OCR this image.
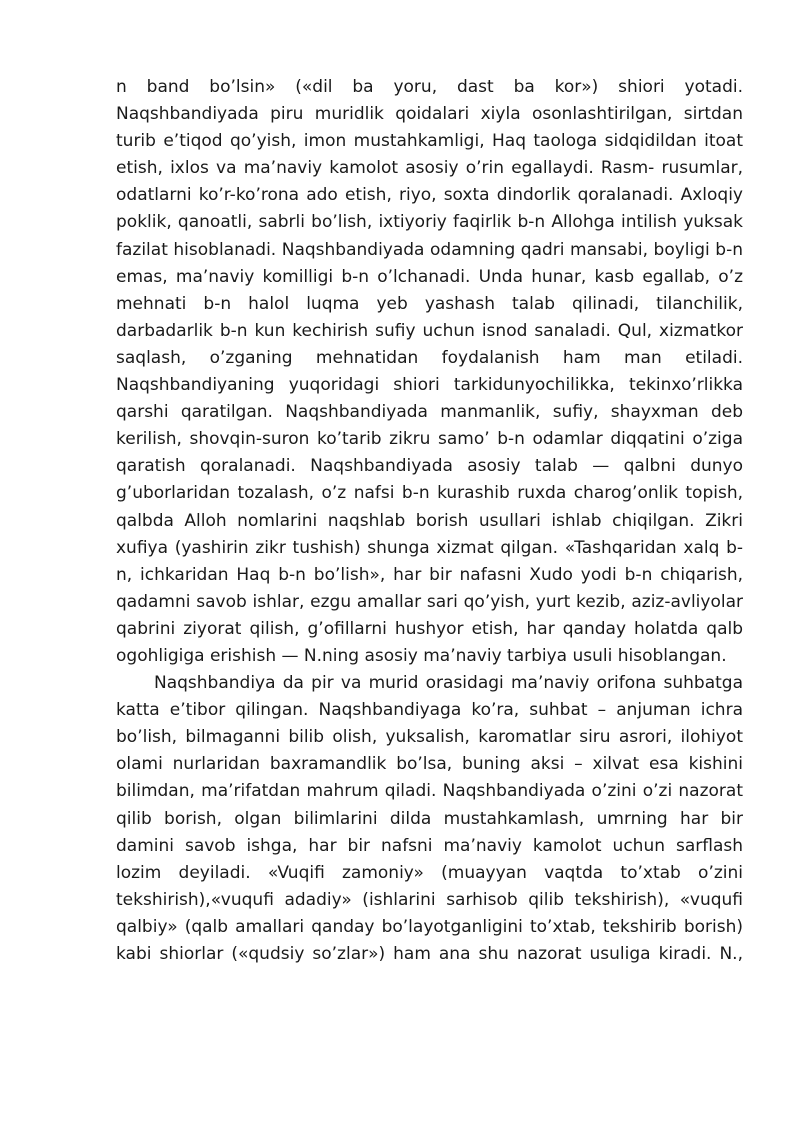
n band bo’lsin» («dil ba yoru, dast ba kor») shiori yotadi. Naqshbandiyada piru muridlik qoidalari xiyla osonlashtirilgan, sirtdan turib e’tiqod qo’yish, imon mustahkamligi, Haq taologa sidqidildan itoat etish, ixlos va ma’naviy kamolot asosiy o’rin egallaydi. Rasm- rusumlar, odatlarni ko’r-ko’rona ado etish, riyo, soxta dindorlik qoralanadi. Axloqiy poklik, qanoatli, sabrli bo’lish, ixtiyoriy faqirlik b-n Allohga intilish yuksak fazilat hisoblanadi. Naqshbandiyada odamning qadri mansabi, boyligi b-n emas, ma’naviy komilligi b-n o’lchanadi. Unda hunar, kasb egallab, o’z mehnati b-n halol luqma yeb yashash talab qilinadi, tilanchilik, darbadarlik b-n kun kechirish sufiy uchun isnod sanaladi. Qul, xizmatkor saqlash, o’zganing mehnatidan foydalanish ham man etiladi. Naqshbandiyaning yuqoridagi shiori tarkidunyochilikka, tekinxo’rlikka qarshi qaratilgan. Naqshbandiyada manmanlik, sufiy, shayxman deb kerilish, shovqin-suron ko’tarib zikru samo’ b-n odamlar diqqatini o’ziga qaratish qoralanadi. Naqshbandiyada asosiy talab — qalbni dunyo g’uborlaridan tozalash, o’z nafsi b-n kurashib ruxda charog’onlik topish, qalbda Alloh nomlarini naqshlab borish usullari ishlab chiqilgan. Zikri xufiya (yashirin zikr tushish) shunga xizmat qilgan. «Tashqaridan xalq b-n, ichkaridan Haq b-n bo’lish», har bir nafasni Xudo yodi b-n chiqarish, qadamni savob ishlar, ezgu amallar sari qo’yish, yurt kezib, aziz-avliyolar qabrini ziyorat qilish, g’ofillarni hushyor etish, har qanday holatda qalb ogohligiga erishish — N.ning asosiy ma’naviy tarbiya usuli hisoblangan.

Naqshbandiya da pir va murid orasidagi ma’naviy orifona suhbatga katta e’tibor qilingan. Naqshbandiyaga ko’ra, suhbat – anjuman ichra bo’lish, bilmaganni bilib olish, yuksalish, karomatlar siru asrori, ilohiyot olami nurlaridan baxramandlik bo’lsa, buning aksi – xilvat esa kishini bilimdan, ma’rifatdan mahrum qiladi. Naqshbandiyada o’zini o’zi nazorat qilib borish, olgan bilimlarini dilda mustahkamlash, umrning har bir damini savob ishga, har bir nafsni ma’naviy kamolot uchun sarflash lozim deyiladi. «Vuqifi zamoniy» (muayyan vaqtda to’xtab o’zini tekshirish),«vuqufi adadiy» (ishlarini sarhisob qilib tekshirish), «vuqufi qalbiy» (qalb amallari qanday bo’layotganligini to’xtab, tekshirib borish) kabi shiorlar («qudsiy so’zlar») ham ana shu nazorat usuliga kiradi. N.,
